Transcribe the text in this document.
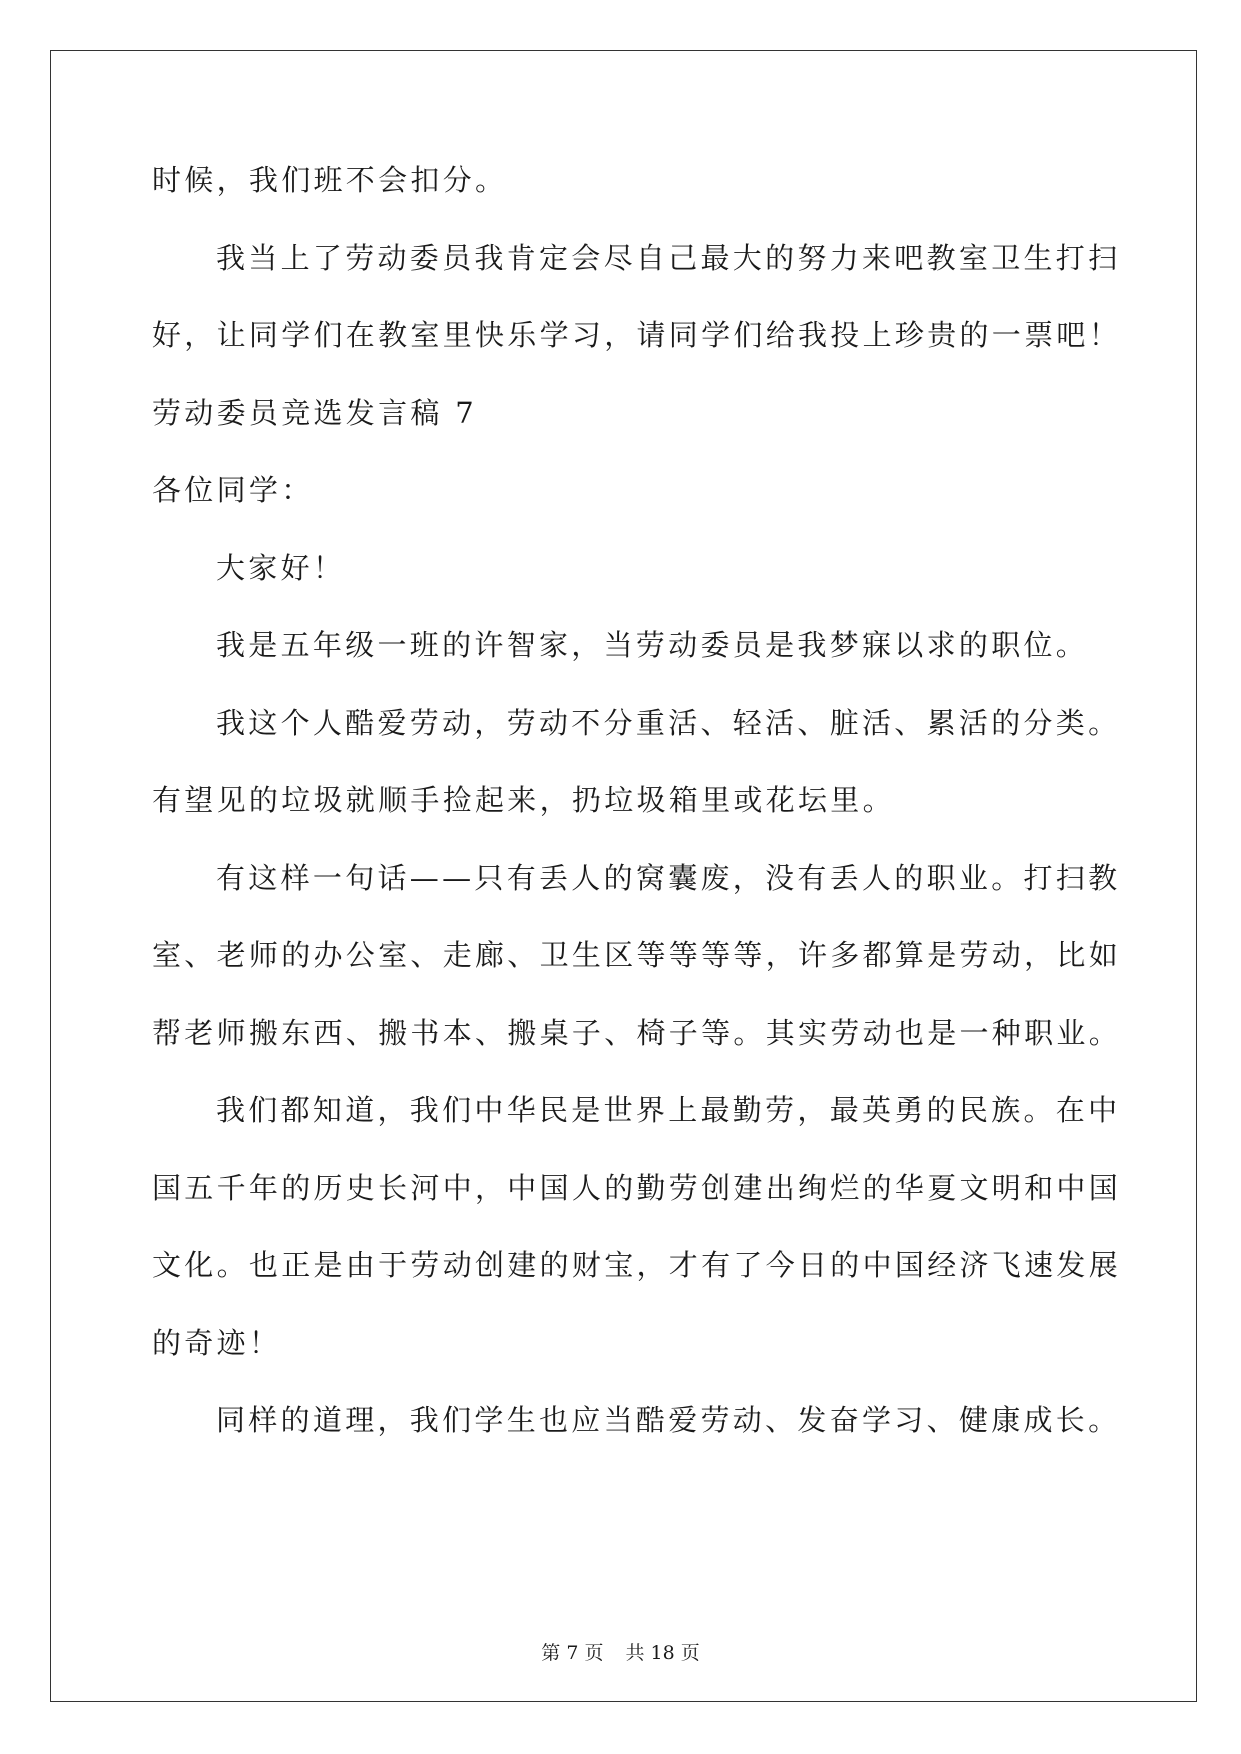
时候，我们班不会扣分。
我当上了劳动委员我肯定会尽自己最大的努力来吧教室卫生打扫
好，让同学们在教室里快乐学习，请同学们给我投上珍贵的一票吧！
劳动委员竞选发言稿 7
各位同学：
大家好！
我是五年级一班的许智家，当劳动委员是我梦寐以求的职位。
我这个人酷爱劳动，劳动不分重活、轻活、脏活、累活的分类。
有望见的垃圾就顺手捡起来，扔垃圾箱里或花坛里。
有这样一句话——只有丢人的窝囊废，没有丢人的职业。打扫教
室、老师的办公室、走廊、卫生区等等等等，许多都算是劳动，比如
帮老师搬东西、搬书本、搬桌子、椅子等。其实劳动也是一种职业。
我们都知道，我们中华民是世界上最勤劳，最英勇的民族。在中
国五千年的历史长河中，中国人的勤劳创建出绚烂的华夏文明和中国
文化。也正是由于劳动创建的财宝，才有了今日的中国经济飞速发展
的奇迹！
同样的道理，我们学生也应当酷爱劳动、发奋学习、健康成长。
第 7 页 共 18 页
